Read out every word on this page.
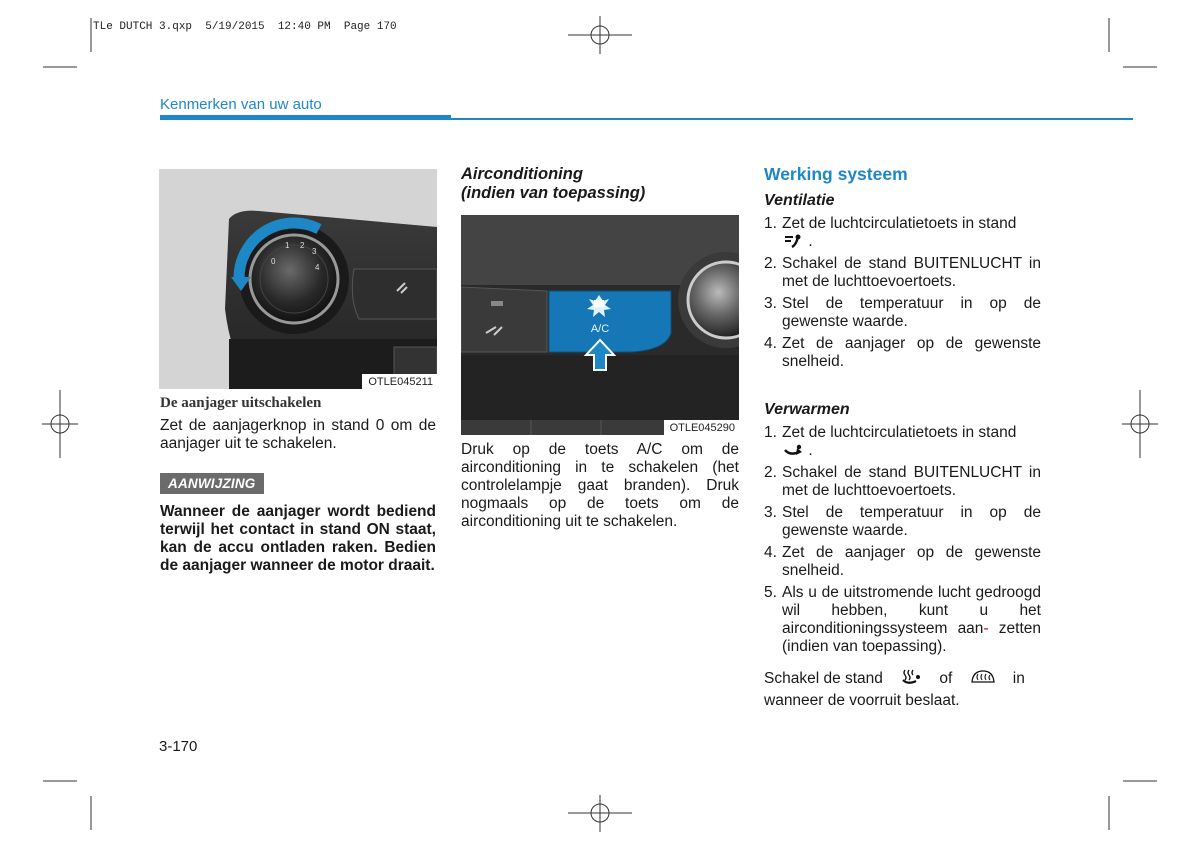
TLe DUTCH 3.qxp  5/19/2015  12:40 PM  Page 170
Kenmerken van uw auto
0
1 2
3
4
OTLE045211
De aanjager uitschakelen
Zet de aanjagerknop in stand 0 om de aanjager uit te schakelen.
AANWIJZING
Wanneer de aanjager wordt bediend terwijl het contact in stand ON staat, kan de accu ontladen raken. Bedien de aanjager wanneer de motor draait.
Airconditioning
(indien van toepassing)
A/C
OTLE045290
Druk op de toets A/C om de airconditioning in te schakelen (het controlelampje gaat branden). Druk nogmaals op de toets om de airconditioning uit te schakelen.
Werking systeem
Ventilatie
1. Zet de luchtcirculatietoets in stand
.
2. Schakel de stand BUITENLUCHT in met de luchttoevoertoets.
3. Stel de temperatuur in op de gewenste waarde.
4. Zet de aanjager op de gewenste snelheid.
Verwarmen
1. Zet de luchtcirculatietoets in stand
.
2. Schakel de stand BUITENLUCHT in met de luchttoevoertoets.
3. Stel de temperatuur in op de gewenste waarde.
4. Zet de aanjager op de gewenste snelheid.
5. Als u de uitstromende lucht gedroogd wil hebben, kunt u het airconditioningssysteem aan- zetten (indien van toepassing).
Schakel de stand	of	in wanneer de voorruit beslaat.
3-170
